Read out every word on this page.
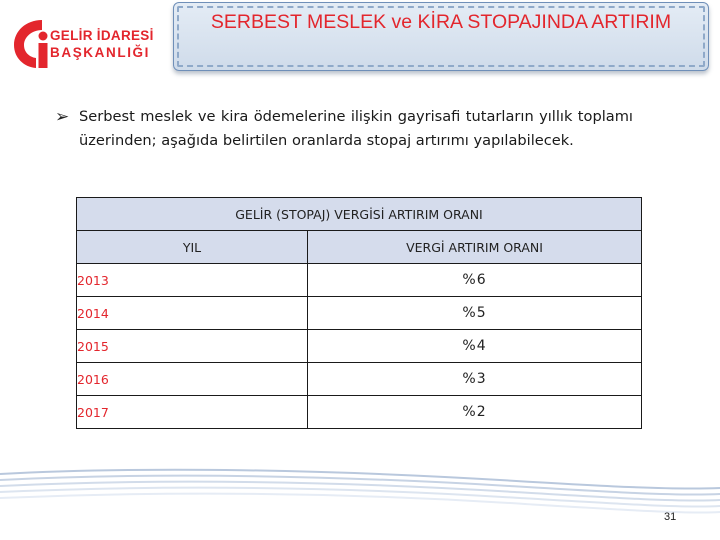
GELİR İDARESİ
BAŞKANLIĞI
SERBEST MESLEK ve KİRA STOPAJINDA ARTIRIM
➢ Serbest meslek ve kira ödemelerine ilişkin gayrisafi tutarların yıllık toplamı üzerinden; aşağıda belirtilen oranlarda stopaj artırımı yapılabilecek.

GELİR (STOPAJ) VERGİSİ ARTIRIM ORANI	
YIL	VERGİ ARTIRIM ORANI
2013	%6
2014	%5
2015	%4
2016	%3
2017	%2
31
